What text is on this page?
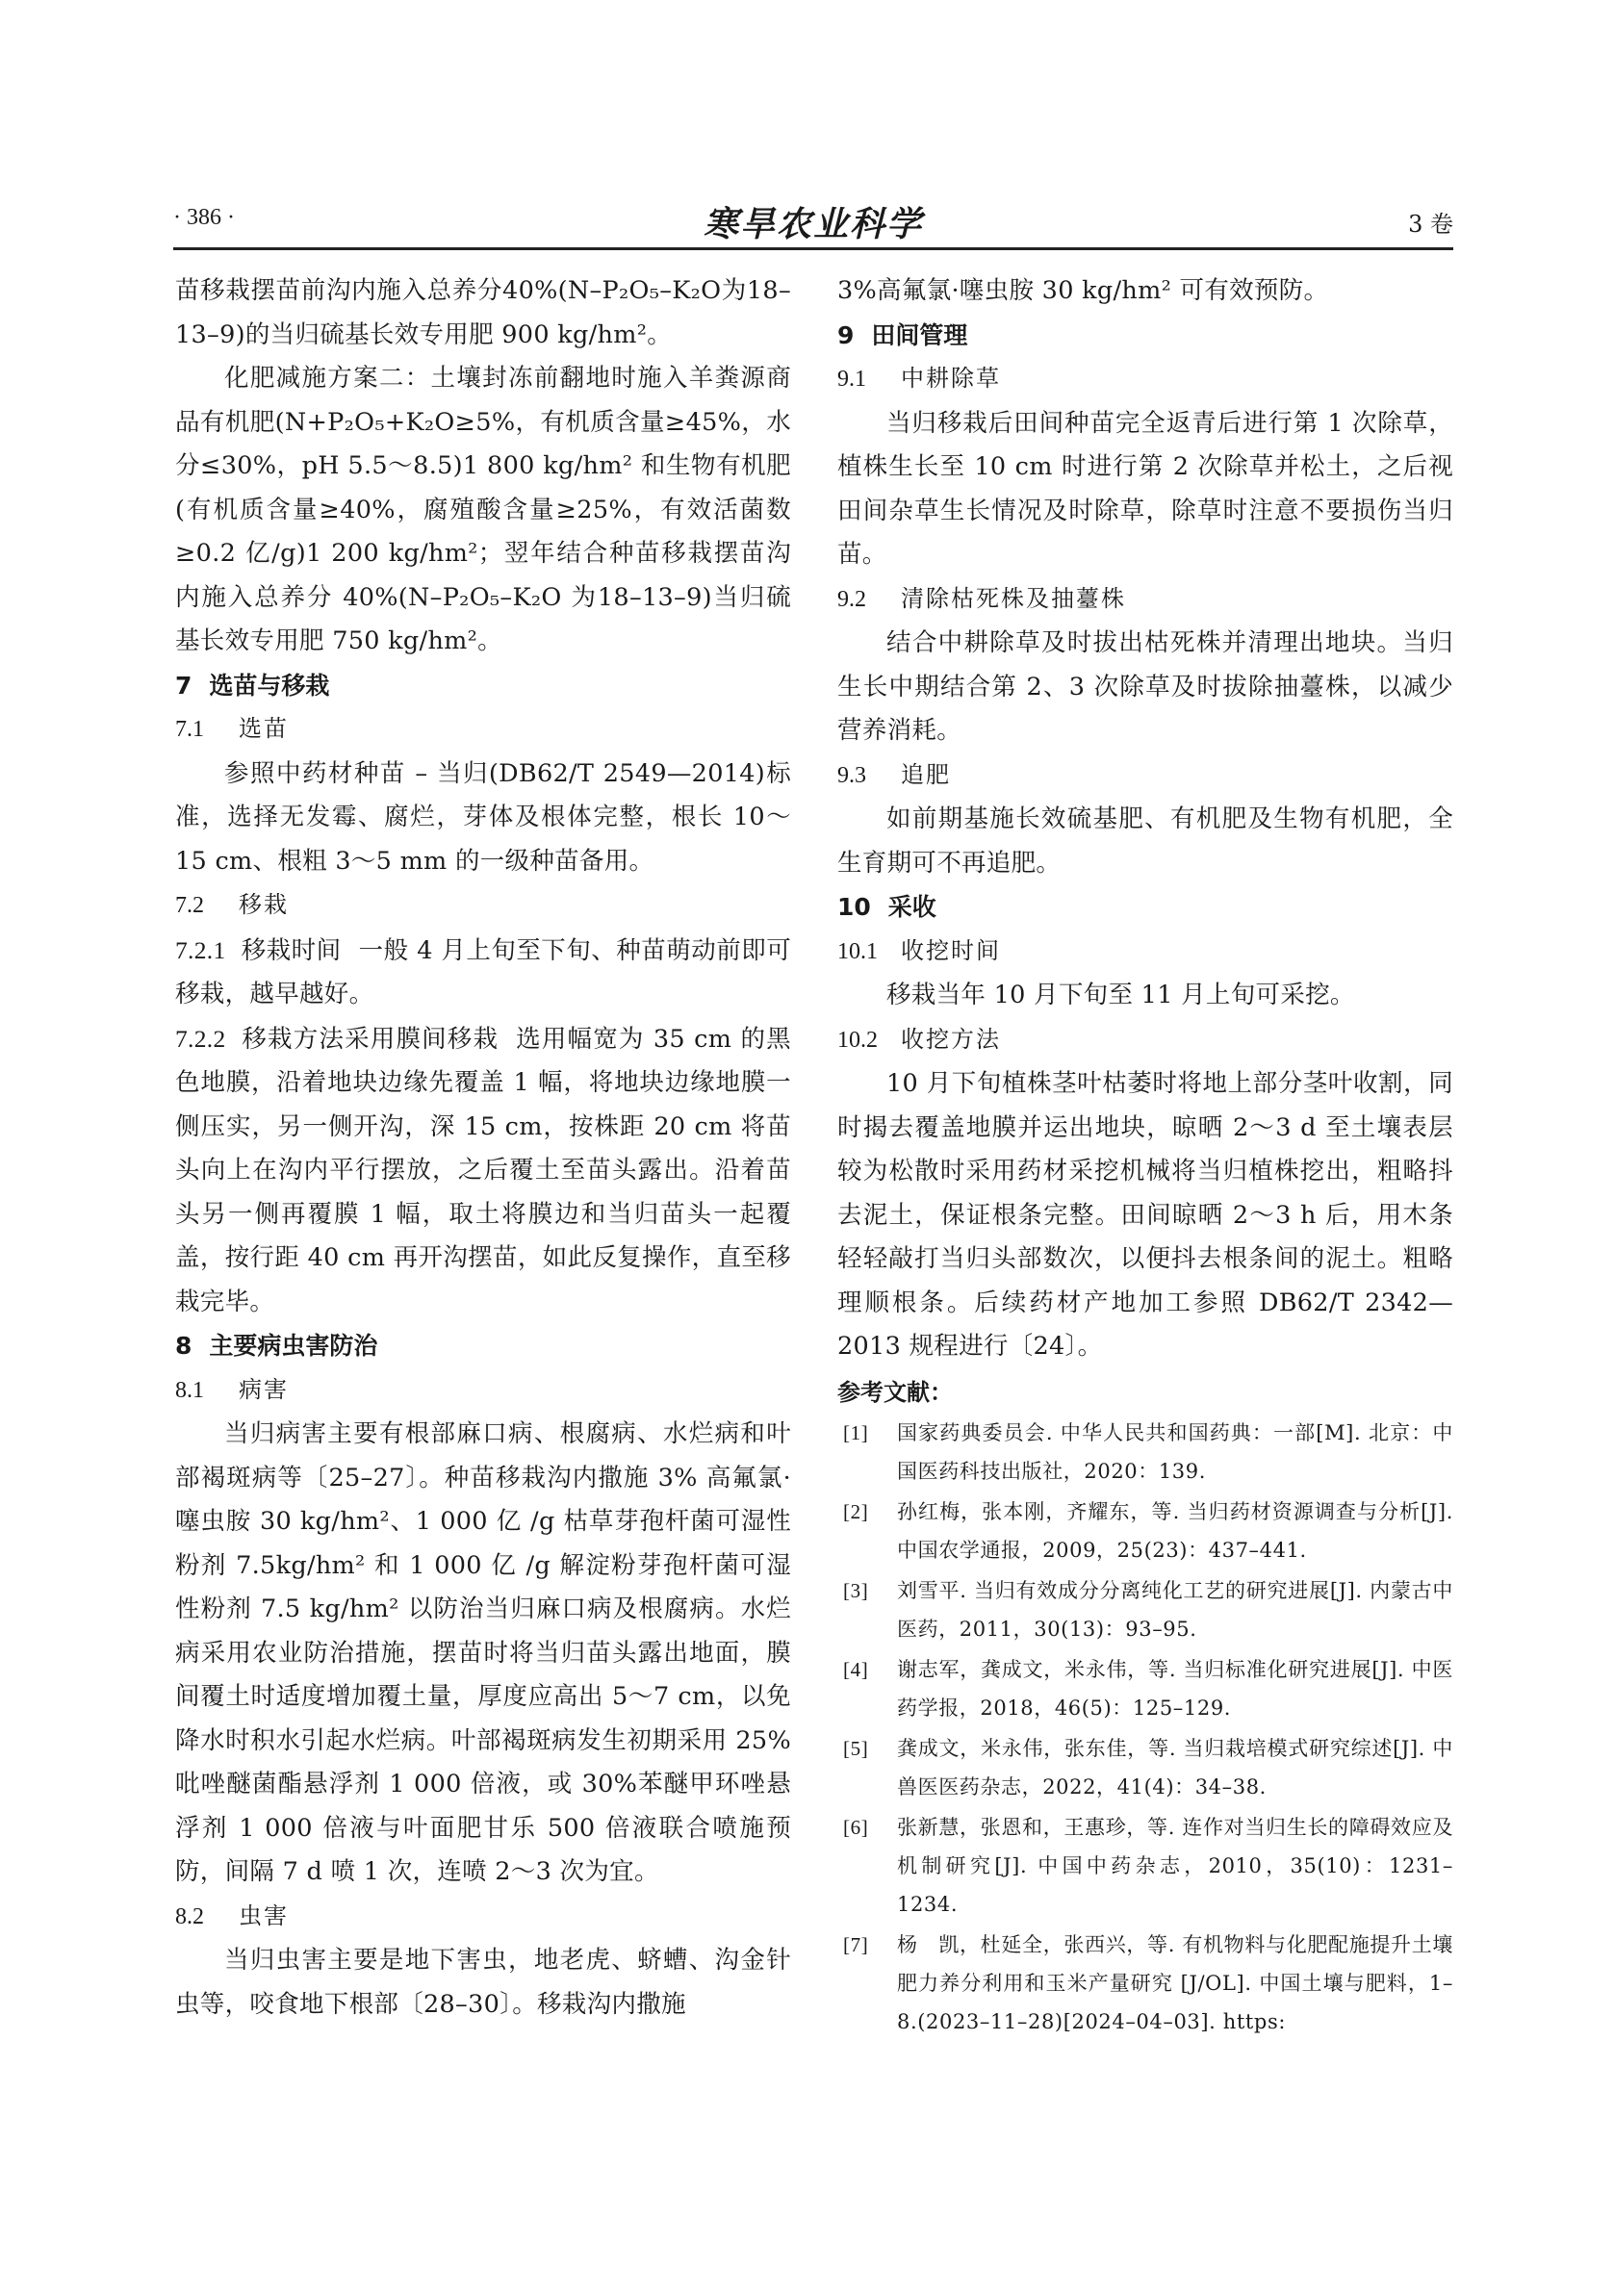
· 386 ·	寒旱农业科学	3 卷

苗移栽摆苗前沟内施入总养分40%(N–P₂O₅–K₂O为18–13–9)的当归硫基长效专用肥 900 kg/hm²。

化肥减施方案二：土壤封冻前翻地时施入羊粪源商品有机肥(N+P₂O₅+K₂O≥5%，有机质含量≥45%，水分≤30%，pH 5.5～8.5)1 800 kg/hm² 和生物有机肥(有机质含量≥40%，腐殖酸含量≥25%，有效活菌数≥0.2 亿/g)1 200 kg/hm²；翌年结合种苗移栽摆苗沟内施入总养分 40%(N–P₂O₅–K₂O 为18–13–9)当归硫基长效专用肥 750 kg/hm²。

7 选苗与移栽
7.1 选苗

参照中药材种苗 – 当归(DB62/T 2549—2014)标准，选择无发霉、腐烂，芽体及根体完整，根长 10～15 cm、根粗 3～5 mm 的一级种苗备用。

7.2 移栽

7.2.1 移栽时间 一般 4 月上旬至下旬、种苗萌动前即可移栽，越早越好。

7.2.2 移栽方法采用膜间移栽 选用幅宽为 35 cm 的黑色地膜，沿着地块边缘先覆盖 1 幅，将地块边缘地膜一侧压实，另一侧开沟，深 15 cm，按株距 20 cm 将苗头向上在沟内平行摆放，之后覆土至苗头露出。沿着苗头另一侧再覆膜 1 幅，取土将膜边和当归苗头一起覆盖，按行距 40 cm 再开沟摆苗，如此反复操作，直至移栽完毕。

8 主要病虫害防治
8.1 病害

当归病害主要有根部麻口病、根腐病、水烂病和叶部褐斑病等〔25–27〕。种苗移栽沟内撒施 3% 高氟氯·噻虫胺 30 kg/hm²、1 000 亿 /g 枯草芽孢杆菌可湿性粉剂 7.5kg/hm² 和 1 000 亿 /g 解淀粉芽孢杆菌可湿性粉剂 7.5 kg/hm² 以防治当归麻口病及根腐病。水烂病采用农业防治措施，摆苗时将当归苗头露出地面，膜间覆土时适度增加覆土量，厚度应高出 5～7 cm，以免降水时积水引起水烂病。叶部褐斑病发生初期采用 25%吡唑醚菌酯悬浮剂 1 000 倍液，或 30%苯醚甲环唑悬浮剂 1 000 倍液与叶面肥甘乐 500 倍液联合喷施预防，间隔 7 d 喷 1 次，连喷 2～3 次为宜。

8.2 虫害

当归虫害主要是地下害虫，地老虎、蛴螬、沟金针虫等，咬食地下根部〔28–30〕。移栽沟内撒施

3%高氟氯·噻虫胺 30 kg/hm² 可有效预防。

9 田间管理
9.1 中耕除草

当归移栽后田间种苗完全返青后进行第 1 次除草，植株生长至 10 cm 时进行第 2 次除草并松土，之后视田间杂草生长情况及时除草，除草时注意不要损伤当归苗。

9.2 清除枯死株及抽薹株

结合中耕除草及时拔出枯死株并清理出地块。当归生长中期结合第 2、3 次除草及时拔除抽薹株，以减少营养消耗。

9.3 追肥

如前期基施长效硫基肥、有机肥及生物有机肥，全生育期可不再追肥。

10 采收
10.1 收挖时间

移栽当年 10 月下旬至 11 月上旬可采挖。

10.2 收挖方法

10 月下旬植株茎叶枯萎时将地上部分茎叶收割，同时揭去覆盖地膜并运出地块，晾晒 2～3 d 至土壤表层较为松散时采用药材采挖机械将当归植株挖出，粗略抖去泥土，保证根条完整。田间晾晒 2～3 h 后，用木条轻轻敲打当归头部数次，以便抖去根条间的泥土。粗略理顺根条。后续药材产地加工参照 DB62/T 2342—2013 规程进行〔24〕。

参考文献：
[1] 国家药典委员会. 中华人民共和国药典：一部[M]. 北京：中国医药科技出版社，2020：139.
[2] 孙红梅，张本刚，齐耀东，等. 当归药材资源调查与分析[J]. 中国农学通报，2009，25(23)：437–441.
[3] 刘雪平. 当归有效成分分离纯化工艺的研究进展[J]. 内蒙古中医药，2011，30(13)：93–95.
[4] 谢志军，龚成文，米永伟，等. 当归标准化研究进展[J]. 中医药学报，2018，46(5)：125–129.
[5] 龚成文，米永伟，张东佳，等. 当归栽培模式研究综述[J]. 中兽医医药杂志，2022，41(4)：34–38.
[6] 张新慧，张恩和，王惠珍，等. 连作对当归生长的障碍效应及机制研究[J]. 中国中药杂志，2010，35(10)：1231–1234.
[7] 杨　凯，杜延全，张西兴，等. 有机物料与化肥配施提升土壤肥力养分利用和玉米产量研究 [J/OL]. 中国土壤与肥料，1–8.(2023–11–28)[2024–04–03]. https:
